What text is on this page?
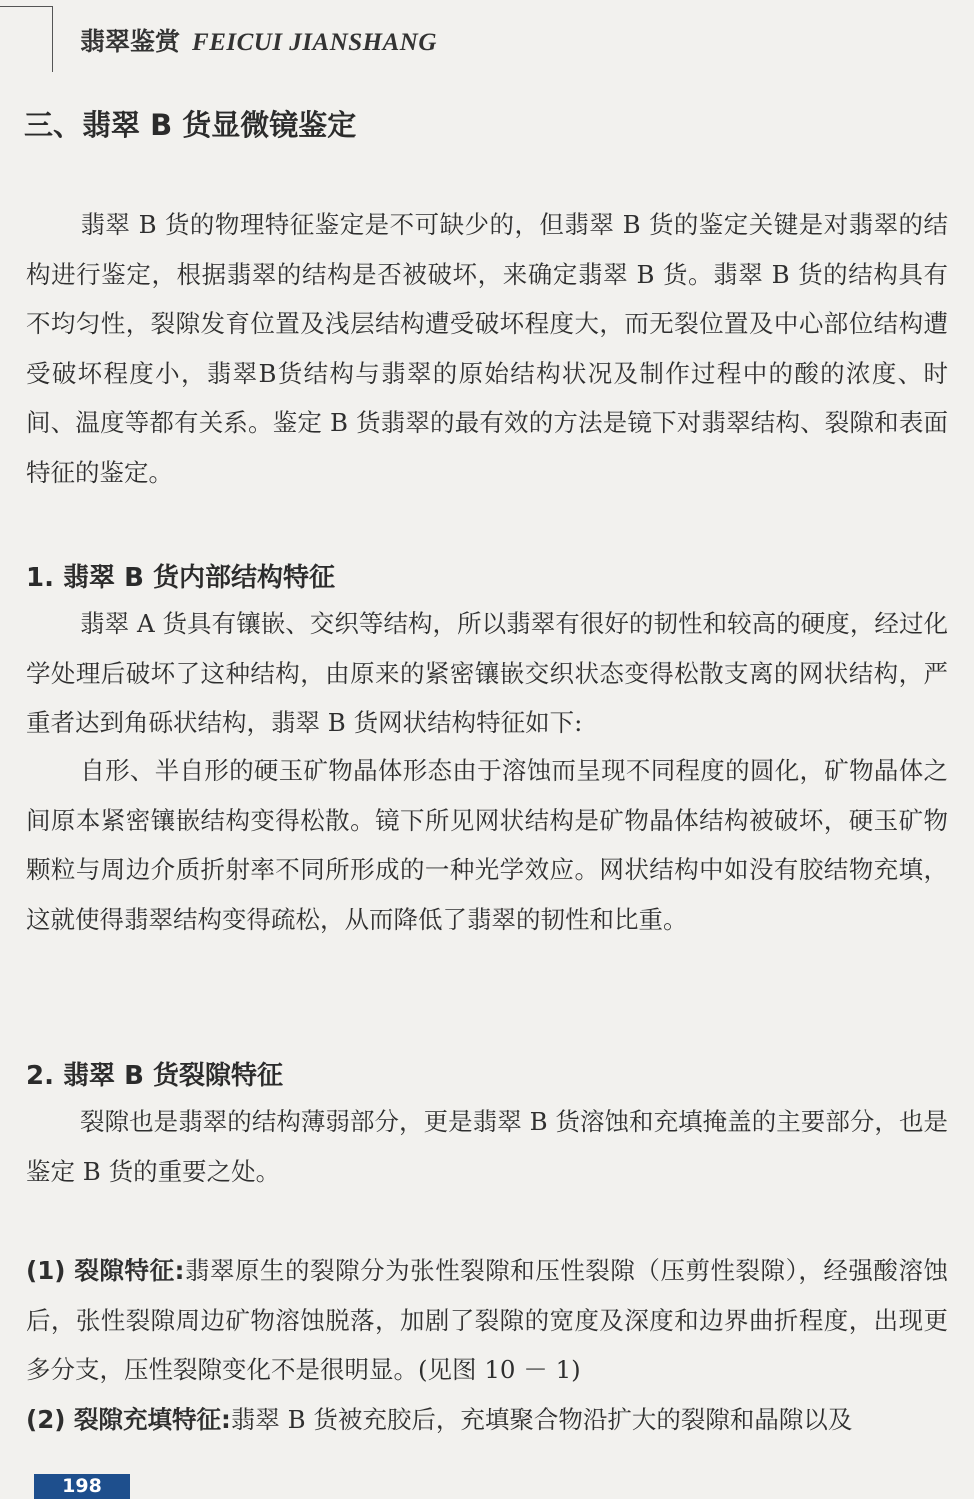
翡翠鉴赏 FEICUI JIANSHANG
三、翡翠 B 货显微镜鉴定

翡翠 B 货的物理特征鉴定是不可缺少的，但翡翠 B 货的鉴定关键是对翡翠的结构进行鉴定，根据翡翠的结构是否被破坏，来确定翡翠 B 货。翡翠 B 货的结构具有不均匀性，裂隙发育位置及浅层结构遭受破坏程度大，而无裂位置及中心部位结构遭受破坏程度小，翡翠B货结构与翡翠的原始结构状况及制作过程中的酸的浓度、时间、温度等都有关系。鉴定 B 货翡翠的最有效的方法是镜下对翡翠结构、裂隙和表面特征的鉴定。

1. 翡翠 B 货内部结构特征

翡翠 A 货具有镶嵌、交织等结构，所以翡翠有很好的韧性和较高的硬度，经过化学处理后破坏了这种结构，由原来的紧密镶嵌交织状态变得松散支离的网状结构，严重者达到角砾状结构，翡翠 B 货网状结构特征如下:

自形、半自形的硬玉矿物晶体形态由于溶蚀而呈现不同程度的圆化，矿物晶体之间原本紧密镶嵌结构变得松散。镜下所见网状结构是矿物晶体结构被破坏，硬玉矿物颗粒与周边介质折射率不同所形成的一种光学效应。网状结构中如没有胶结物充填，这就使得翡翠结构变得疏松，从而降低了翡翠的韧性和比重。

2. 翡翠 B 货裂隙特征

裂隙也是翡翠的结构薄弱部分，更是翡翠 B 货溶蚀和充填掩盖的主要部分，也是鉴定 B 货的重要之处。

(1) 裂隙特征:翡翠原生的裂隙分为张性裂隙和压性裂隙（压剪性裂隙），经强酸溶蚀后，张性裂隙周边矿物溶蚀脱落，加剧了裂隙的宽度及深度和边界曲折程度，出现更多分支，压性裂隙变化不是很明显。(见图 10 － 1)

(2) 裂隙充填特征:翡翠 B 货被充胶后，充填聚合物沿扩大的裂隙和晶隙以及

198
